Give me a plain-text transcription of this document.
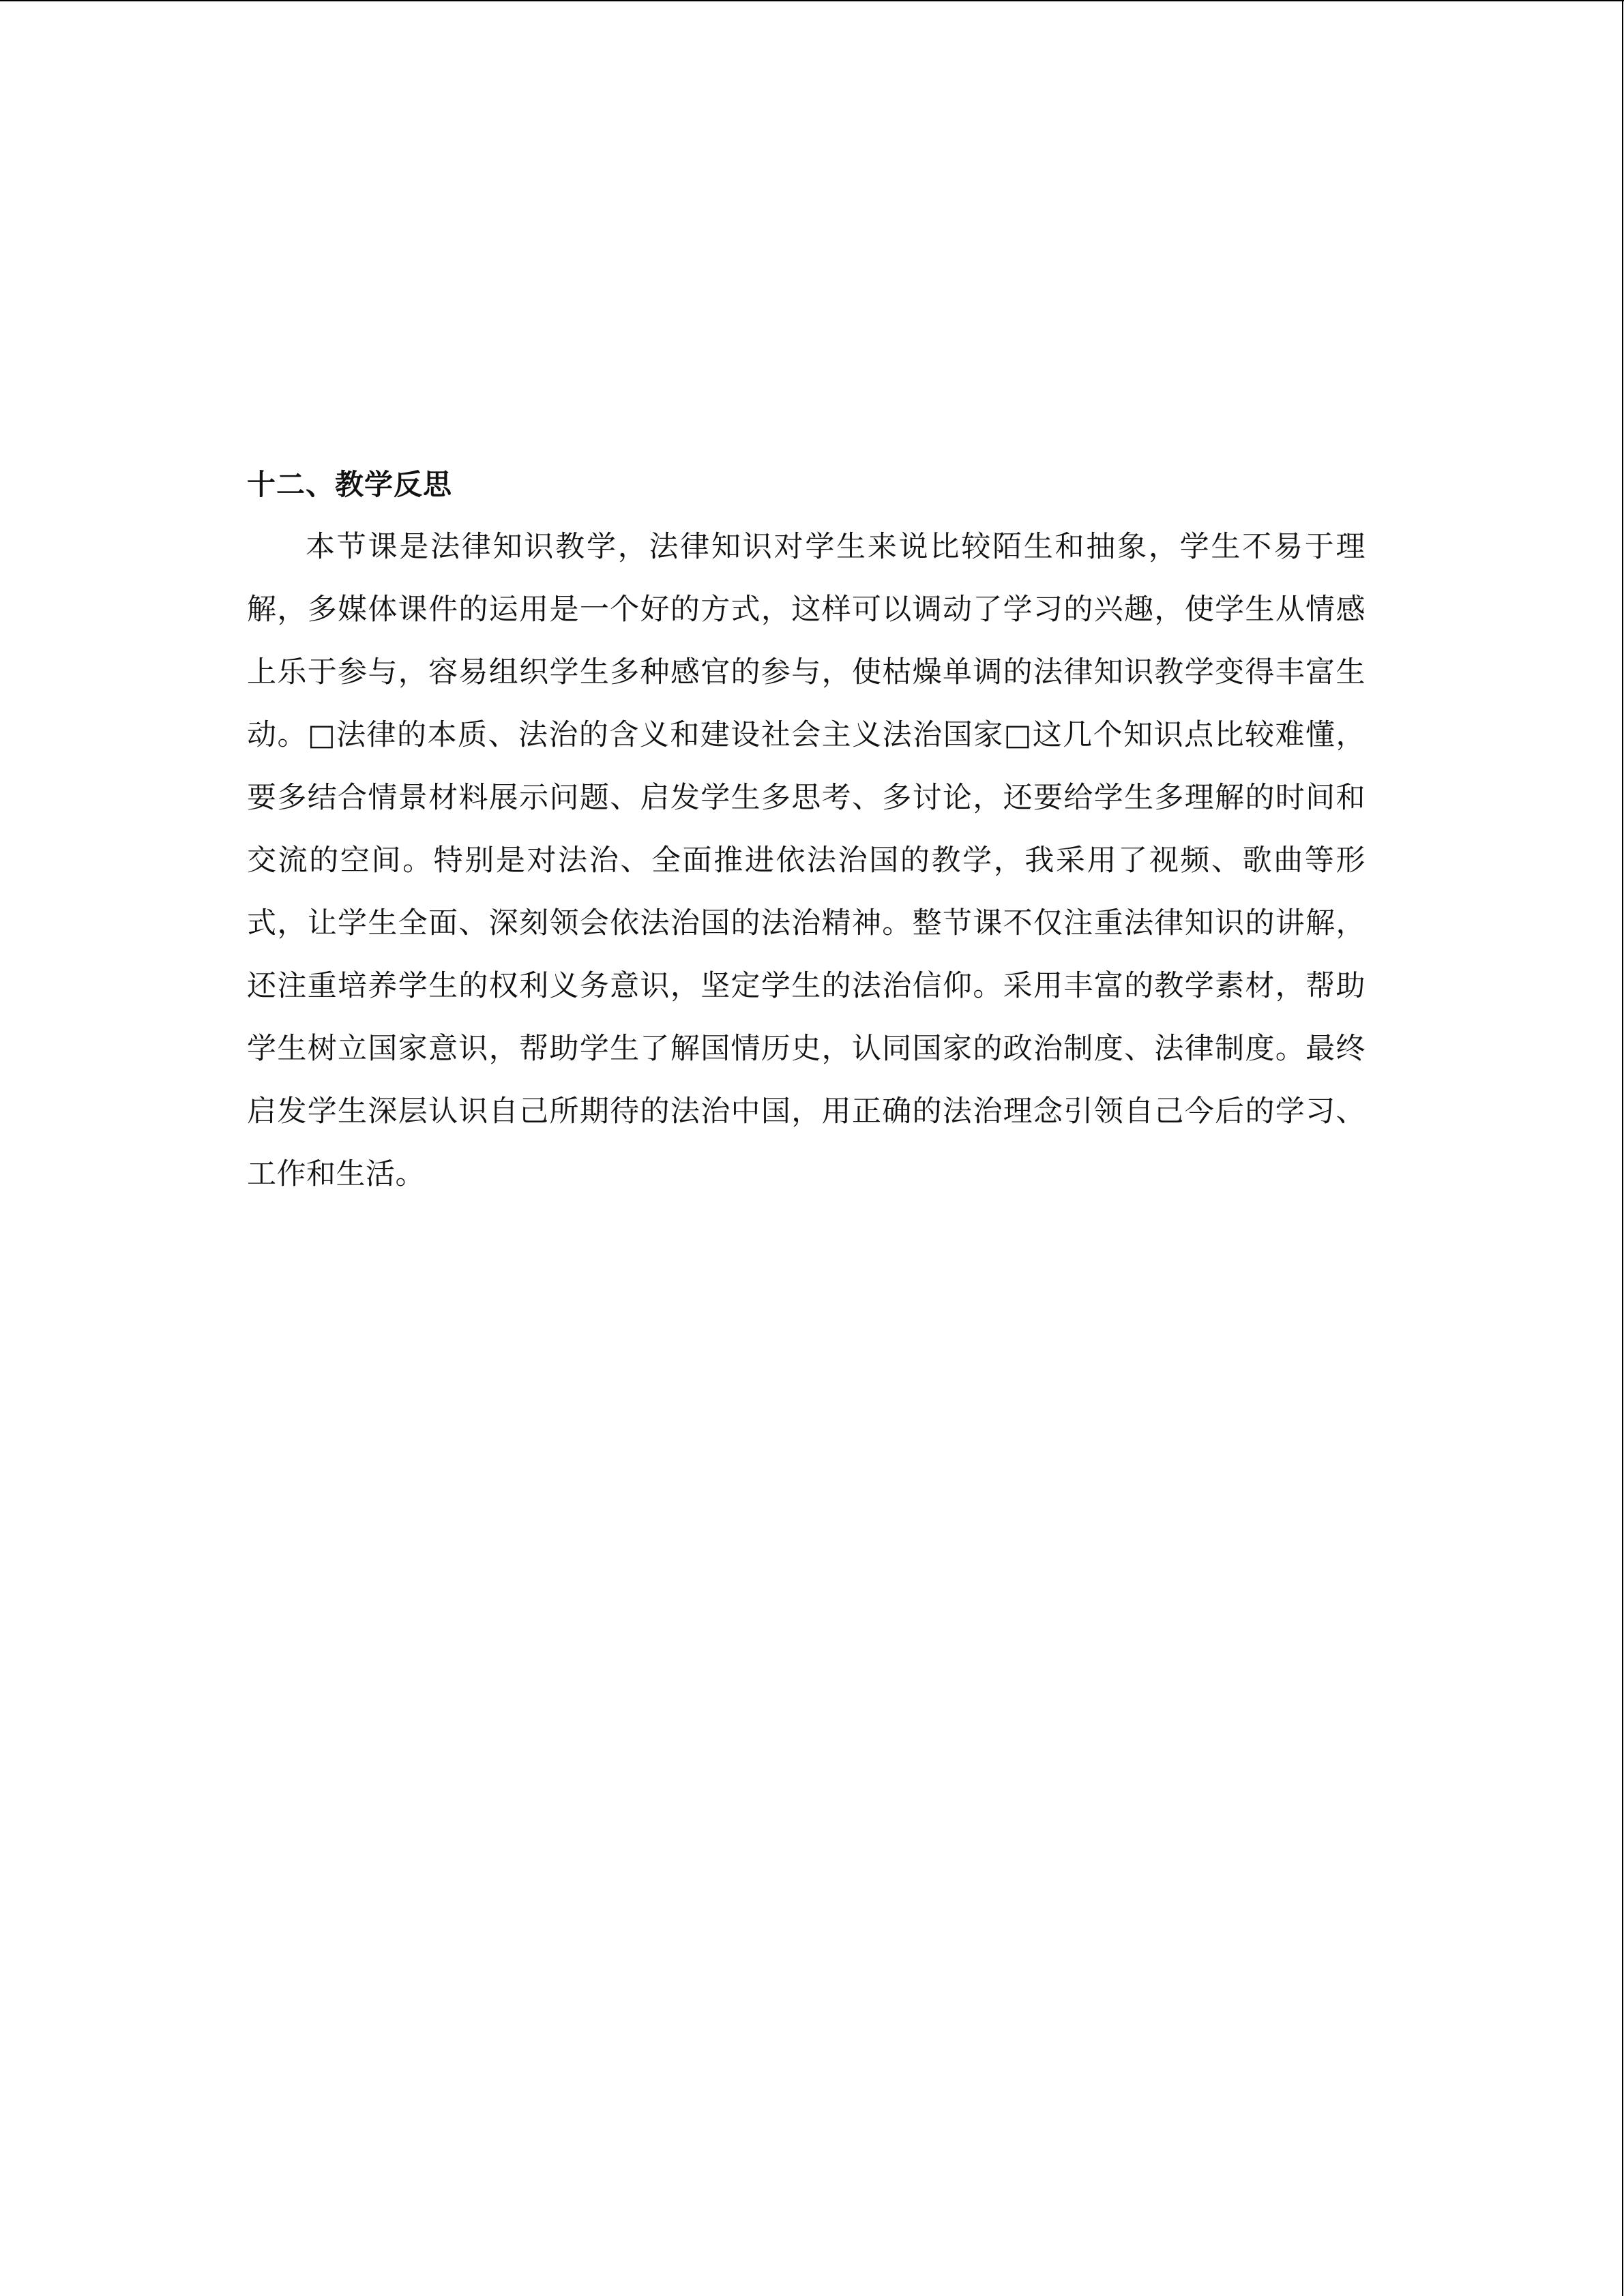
十二、教学反思

本节课是法律知识教学，法律知识对学生来说比较陌生和抽象，学生不易于理解，多媒体课件的运用是一个好的方式，这样可以调动了学习的兴趣，使学生从情感上乐于参与，容易组织学生多种感官的参与，使枯燥单调的法律知识教学变得丰富生动。□法律的本质、法治的含义和建设社会主义法治国家□这几个知识点比较难懂，要多结合情景材料展示问题、启发学生多思考、多讨论，还要给学生多理解的时间和交流的空间。特别是对法治、全面推进依法治国的教学，我采用了视频、歌曲等形式，让学生全面、深刻领会依法治国的法治精神。整节课不仅注重法律知识的讲解，还注重培养学生的权利义务意识，坚定学生的法治信仰。采用丰富的教学素材，帮助学生树立国家意识，帮助学生了解国情历史，认同国家的政治制度、法律制度。最终启发学生深层认识自己所期待的法治中国，用正确的法治理念引领自己今后的学习、工作和生活。
